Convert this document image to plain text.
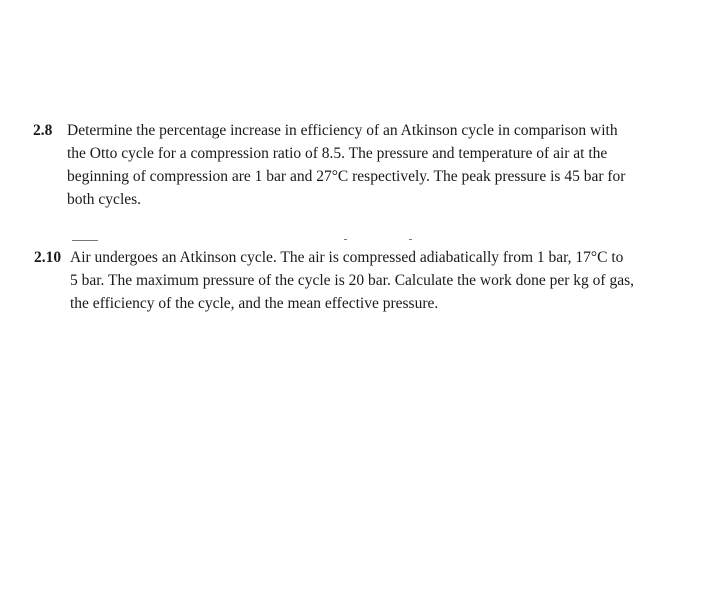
2.8 Determine the percentage increase in efficiency of an Atkinson cycle in comparison with
the Otto cycle for a compression ratio of 8.5. The pressure and temperature of air at the
beginning of compression are 1 bar and 27°C respectively. The peak pressure is 45 bar for
both cycles.
2.10 Air undergoes an Atkinson cycle. The air is compressed adiabatically from 1 bar, 17°C to
5 bar. The maximum pressure of the cycle is 20 bar. Calculate the work done per kg of gas,
the efficiency of the cycle, and the mean effective pressure.
